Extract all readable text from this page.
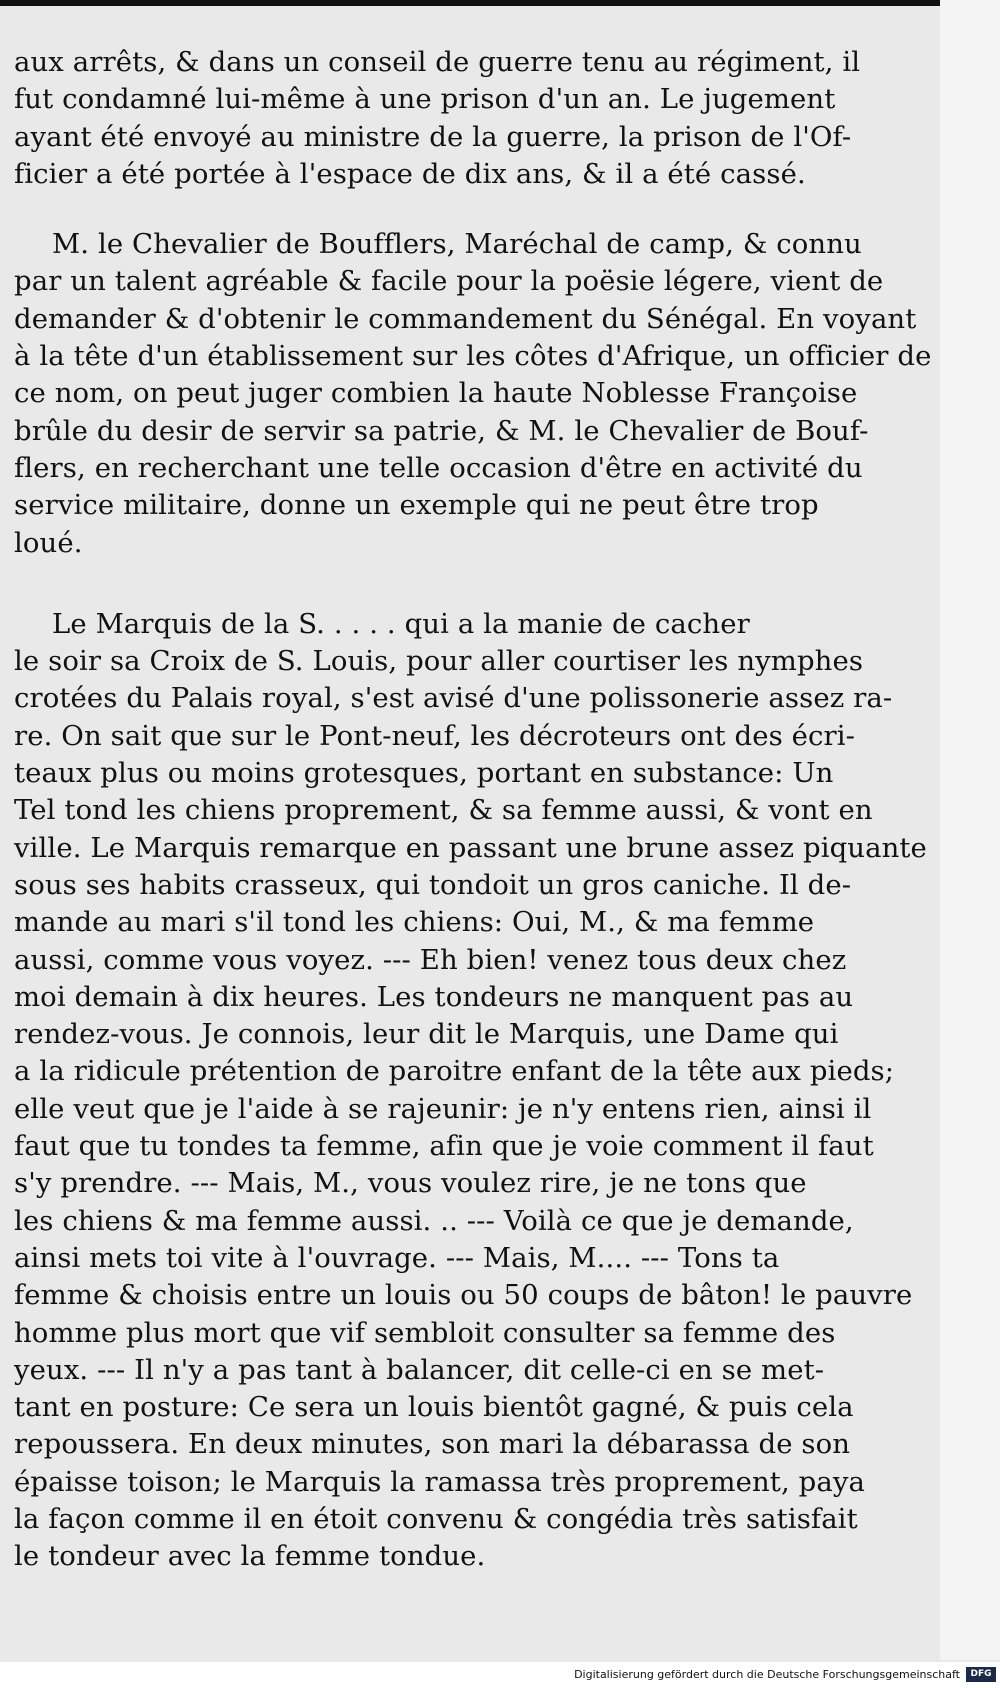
aux arrêts, & dans un conseil de guerre tenu au régiment, il
fut condamné lui-même à une prison d'un an. Le jugement
ayant été envoyé au ministre de la guerre, la prison de l'Of-
ficier a été portée à l'espace de dix ans, & il a été cassé.

M. le Chevalier de Boufflers, Maréchal de camp, & connu
par un talent agréable & facile pour la poësie légere, vient de
demander & d'obtenir le commandement du Sénégal. En voyant
à la tête d'un établissement sur les côtes d'Afrique, un officier de
ce nom, on peut juger combien la haute Noblesse Françoise
brûle du desir de servir sa patrie, & M. le Chevalier de Bouf-
flers, en recherchant une telle occasion d'être en activité du
service militaire, donne un exemple qui ne peut être trop
loué.

Le Marquis de la S. . . . . qui a la manie de cacher
le soir sa Croix de S. Louis, pour aller courtiser les nymphes
crotées du Palais royal, s'est avisé d'une polissonerie assez ra-
re. On sait que sur le Pont-neuf, les décroteurs ont des écri-
teaux plus ou moins grotesques, portant en substance: Un
Tel tond les chiens proprement, & sa femme aussi, & vont en
ville. Le Marquis remarque en passant une brune assez piquante
sous ses habits crasseux, qui tondoit un gros caniche. Il de-
mande au mari s'il tond les chiens: Oui, M., & ma femme
aussi, comme vous voyez. --- Eh bien! venez tous deux chez
moi demain à dix heures. Les tondeurs ne manquent pas au
rendez-vous. Je connois, leur dit le Marquis, une Dame qui
a la ridicule prétention de paroitre enfant de la tête aux pieds;
elle veut que je l'aide à se rajeunir: je n'y entens rien, ainsi il
faut que tu tondes ta femme, afin que je voie comment il faut
s'y prendre. --- Mais, M., vous voulez rire, je ne tons que
les chiens & ma femme aussi. .. --- Voilà ce que je demande,
ainsi mets toi vite à l'ouvrage. --- Mais, M.... --- Tons ta
femme & choisis entre un louis ou 50 coups de bâton! le pauvre
homme plus mort que vif sembloit consulter sa femme des
yeux. --- Il n'y a pas tant à balancer, dit celle-ci en se met-
tant en posture: Ce sera un louis bientôt gagné, & puis cela
repoussera. En deux minutes, son mari la débarassa de son
épaisse toison; le Marquis la ramassa très proprement, paya
la façon comme il en étoit convenu & congédia très satisfait
le tondeur avec la femme tondue.

Digitalisierung gefördert durch die Deutsche Forschungsgemeinschaft	DFG
